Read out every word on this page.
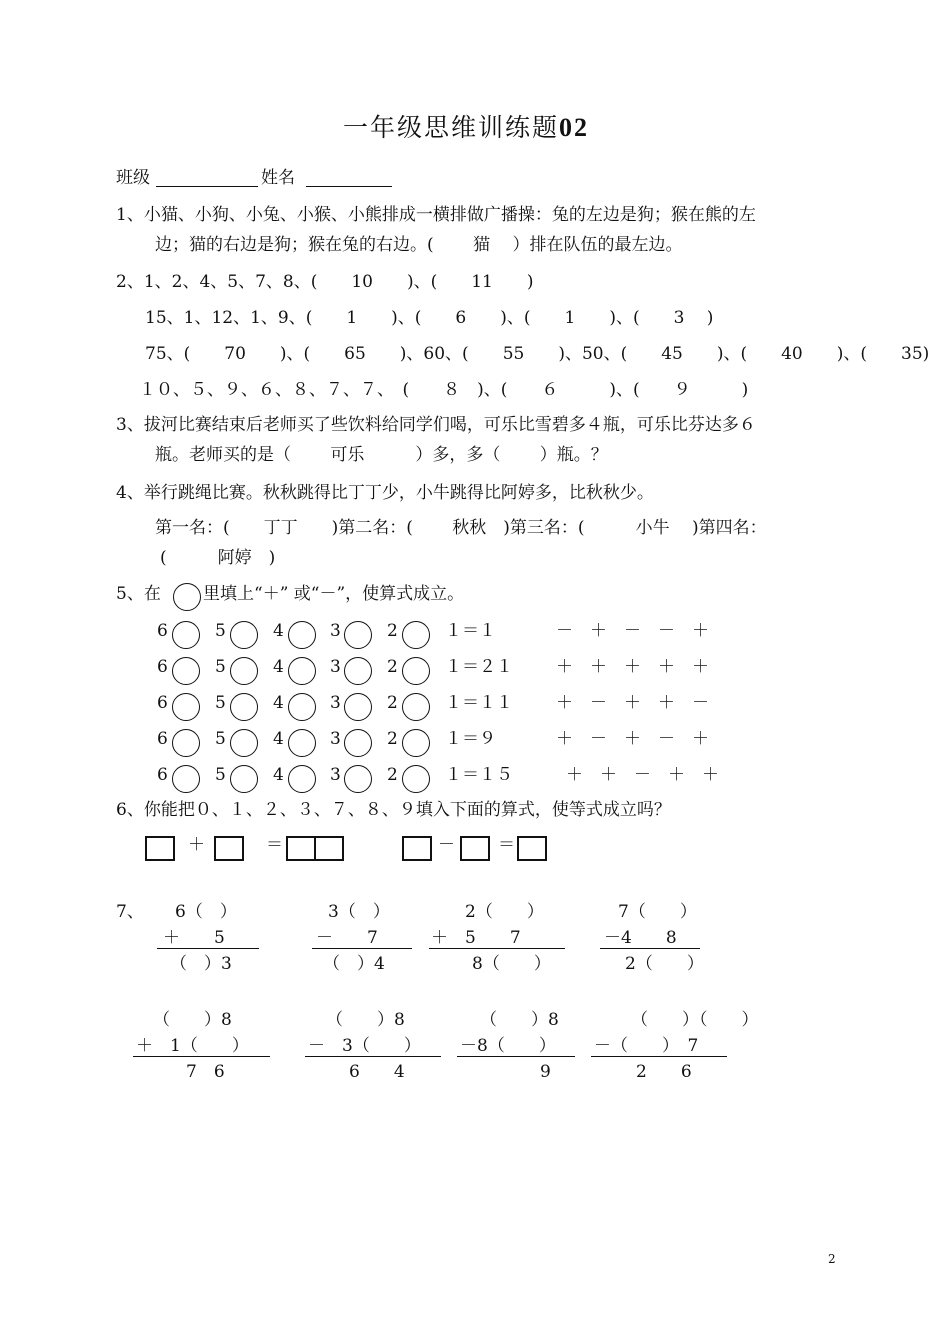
一年级思维训练题02
班级	姓名
1、小猫、小狗、小兔、小猴、小熊排成一横排做广播操：兔的左边是狗；猴在熊的左
边；猫的右边是狗；猴在兔的右边。(　　 猫　 ）排在队伍的最左边。
2、1、2、4、5、7、8、(　　10　　)、(　　11　　)
15、1、12、1、9、(　　1　　)、(　　6　　)、(　　1　　)、(　　3　 )
75、(　　70　　)、(　　65　　)、60、(　　55　　)、50、(　　45　　)、(　　40　　)、(　　35)
１０、５、９、６、８、７、７、　(　　８　)、(　　６　　　)、(　　９　　　)
3、拔河比赛结束后老师买了些饮料给同学们喝，可乐比雪碧多４瓶，可乐比芬达多６
瓶。老师买的是（　　 可乐　　　）多，多（　　 ）瓶。？
4、举行跳绳比赛。秋秋跳得比丁丁少，小牛跳得比阿婷多，比秋秋少。
第一名：(　　丁丁　　)第二名：(　　 秋秋　)第三名：(　　　小牛　 )第四名：
(　　　阿婷　)
5、在 里填上“＋” 或“－”，使算式成立。
6	5	4	3	2	１＝１	－　＋　－　－　＋
6	5	4	3	2	１＝２１	＋　＋　＋　＋　＋
6	5	4	3	2	１＝１１	＋　－　＋　＋　－
6	5	4	3	2	１＝９	＋　－　＋　－　＋
6	5	4	3	2	１＝１５	＋　＋　－　＋　＋
6、你能把０、１、２、３、７、８、９填入下面的算式，使等式成立吗？
＋	＝	－	＝
7、 6（　）
＋　　5
（　）3
3（　）
－　　7
（　）4
2（　　）
＋　5　　7
8（　　）
7（　　）
－4　　8
2（　　）
（　　）8
＋　1（　　）
7　6
（　　）8
－　3（　　）
6　　4
（　　）8
－8（　　）
9
（　　）（　　）
－（　　）　7
2　　6
2
